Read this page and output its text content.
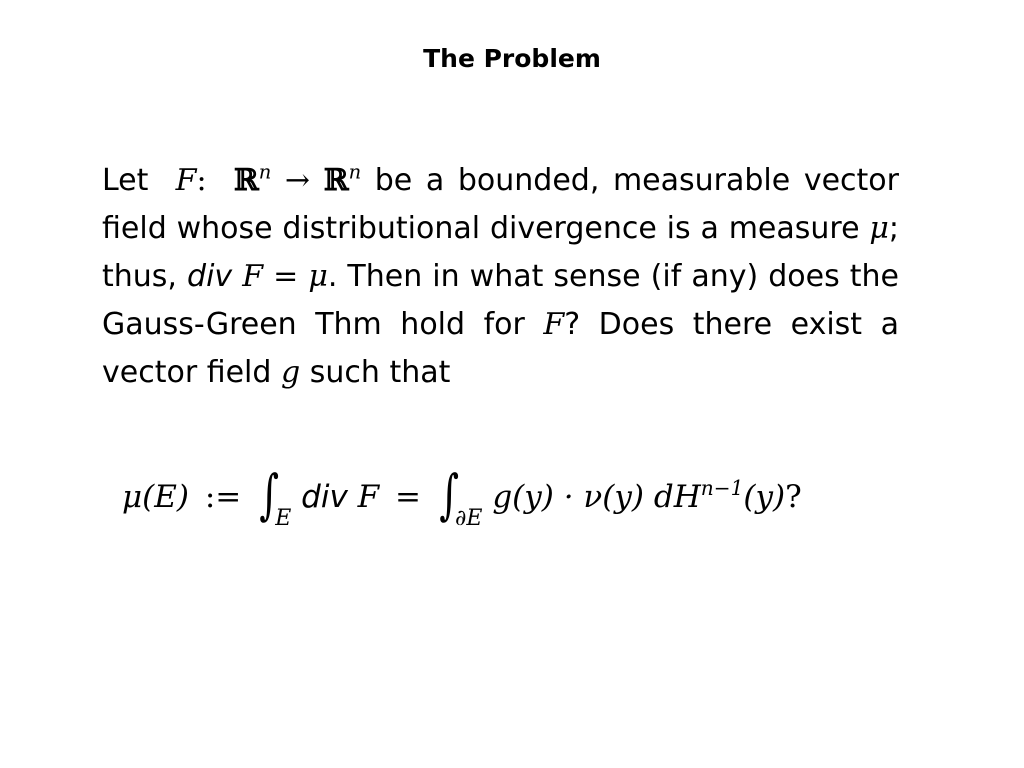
The Problem
Let F: ℝ$^n$ → ℝ$^n$ be a bounded, measurable vector field whose distributional divergence is a measure μ; thus, div F = μ. Then in what sense (if any) does the Gauss-Green Thm hold for F? Does there exist a vector field g such that
μ(E) := $\int_E$ div $F = \int_{\partial E}$ g(y) · ν(y) $dH^{n-1}(y)$?
